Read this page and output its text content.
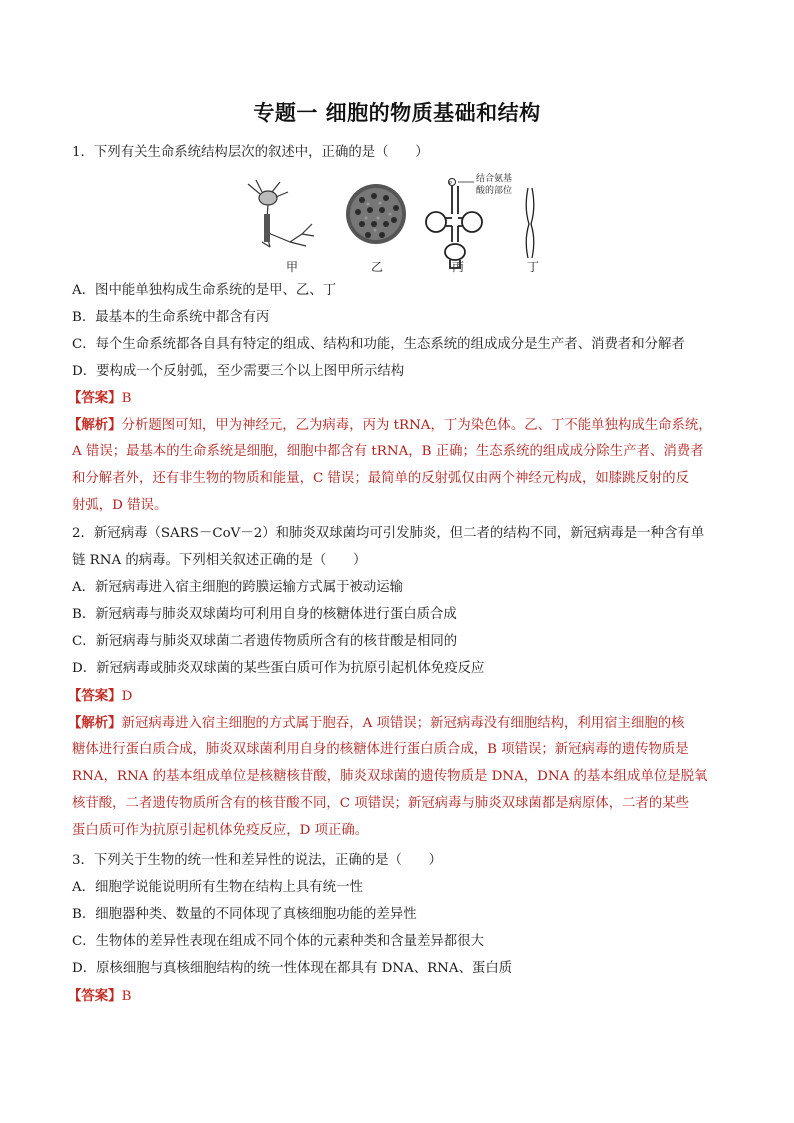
专题一 细胞的物质基础和结构
1．下列有关生命系统结构层次的叙述中，正确的是（　　）
P	结合氨基
酸的部位
甲	乙	丙	丁
A．图中能单独构成生命系统的是甲、乙、丁
B．最基本的生命系统中都含有丙
C．每个生命系统都各自具有特定的组成、结构和功能，生态系统的组成成分是生产者、消费者和分解者
D．要构成一个反射弧，至少需要三个以上图甲所示结构
【答案】B
【解析】分析题图可知，甲为神经元，乙为病毒，丙为 tRNA，丁为染色体。乙、丁不能单独构成生命系统，
A 错误；最基本的生命系统是细胞，细胞中都含有 tRNA，B 正确；生态系统的组成成分除生产者、消费者
和分解者外，还有非生物的物质和能量，C 错误；最简单的反射弧仅由两个神经元构成，如膝跳反射的反
射弧，D 错误。
2．新冠病毒（SARS－CoV－2）和肺炎双球菌均可引发肺炎，但二者的结构不同，新冠病毒是一种含有单
链 RNA 的病毒。下列相关叙述正确的是（　　）
A．新冠病毒进入宿主细胞的跨膜运输方式属于被动运输
B．新冠病毒与肺炎双球菌均可利用自身的核糖体进行蛋白质合成
C．新冠病毒与肺炎双球菌二者遗传物质所含有的核苷酸是相同的
D．新冠病毒或肺炎双球菌的某些蛋白质可作为抗原引起机体免疫反应
【答案】D
【解析】新冠病毒进入宿主细胞的方式属于胞吞，A 项错误；新冠病毒没有细胞结构，利用宿主细胞的核
糖体进行蛋白质合成，肺炎双球菌利用自身的核糖体进行蛋白质合成，B 项错误；新冠病毒的遗传物质是
RNA，RNA 的基本组成单位是核糖核苷酸，肺炎双球菌的遗传物质是 DNA，DNA 的基本组成单位是脱氧
核苷酸，二者遗传物质所含有的核苷酸不同，C 项错误；新冠病毒与肺炎双球菌都是病原体，二者的某些
蛋白质可作为抗原引起机体免疫反应，D 项正确。
3．下列关于生物的统一性和差异性的说法，正确的是（　　）
A．细胞学说能说明所有生物在结构上具有统一性
B．细胞器种类、数量的不同体现了真核细胞功能的差异性
C．生物体的差异性表现在组成不同个体的元素种类和含量差异都很大
D．原核细胞与真核细胞结构的统一性体现在都具有 DNA、RNA、蛋白质
【答案】B
